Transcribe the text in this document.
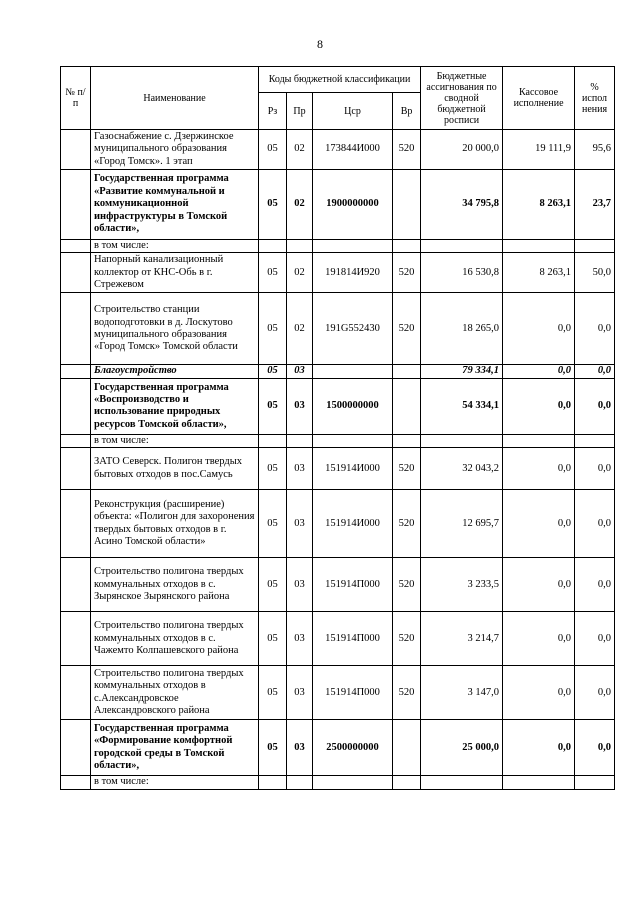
8
№ п/п	Наименование	Коды бюджетной классификации				Бюджетные ассигнования по сводной бюджетной росписи	Кассовое исполнение	% испол нения
		Рз	Пр	Цср	Вр			
	Газоснабжение с. Дзержинское муниципального образования «Город Томск». 1 этап	05	02	173844И000	520	20 000,0	19 111,9	95,6
	Государственная программа «Развитие коммунальной и коммуникационной инфраструктуры в Томской области»,	05	02	1900000000		34 795,8	8 263,1	23,7
	в том числе:							
	Напорный канализационный коллектор от КНС-Обь в г. Стрежевом	05	02	191814И920	520	16 530,8	8 263,1	50,0
	Строительство станции водоподготовки в д. Лоскутово муниципального образования «Город Томск» Томской области	05	02	191G552430	520	18 265,0	0,0	0,0
	Благоустройство	05	03			79 334,1	0,0	0,0
	Государственная программа «Воспроизводство и использование природных ресурсов Томской области»,	05	03	1500000000		54 334,1	0,0	0,0
	в том числе:							
	ЗАТО Северск. Полигон твердых бытовых отходов в пос.Самусь	05	03	151914И000	520	32 043,2	0,0	0,0
	Реконструкция (расширение) объекта: «Полигон для захоронения твердых бытовых отходов в г. Асино Томской области»	05	03	151914И000	520	12 695,7	0,0	0,0
	Строительство полигона твердых коммунальных отходов в с. Зырянское Зырянского района	05	03	151914П000	520	3 233,5	0,0	0,0
	Строительство полигона твердых коммунальных отходов в с. Чажемто Колпашевского района	05	03	151914П000	520	3 214,7	0,0	0,0
	Строительство полигона твердых коммунальных отходов в с.Александровское Александровского района	05	03	151914П000	520	3 147,0	0,0	0,0
	Государственная программа «Формирование комфортной городской среды в Томской области»,	05	03	2500000000		25 000,0	0,0	0,0
	в том числе:							
